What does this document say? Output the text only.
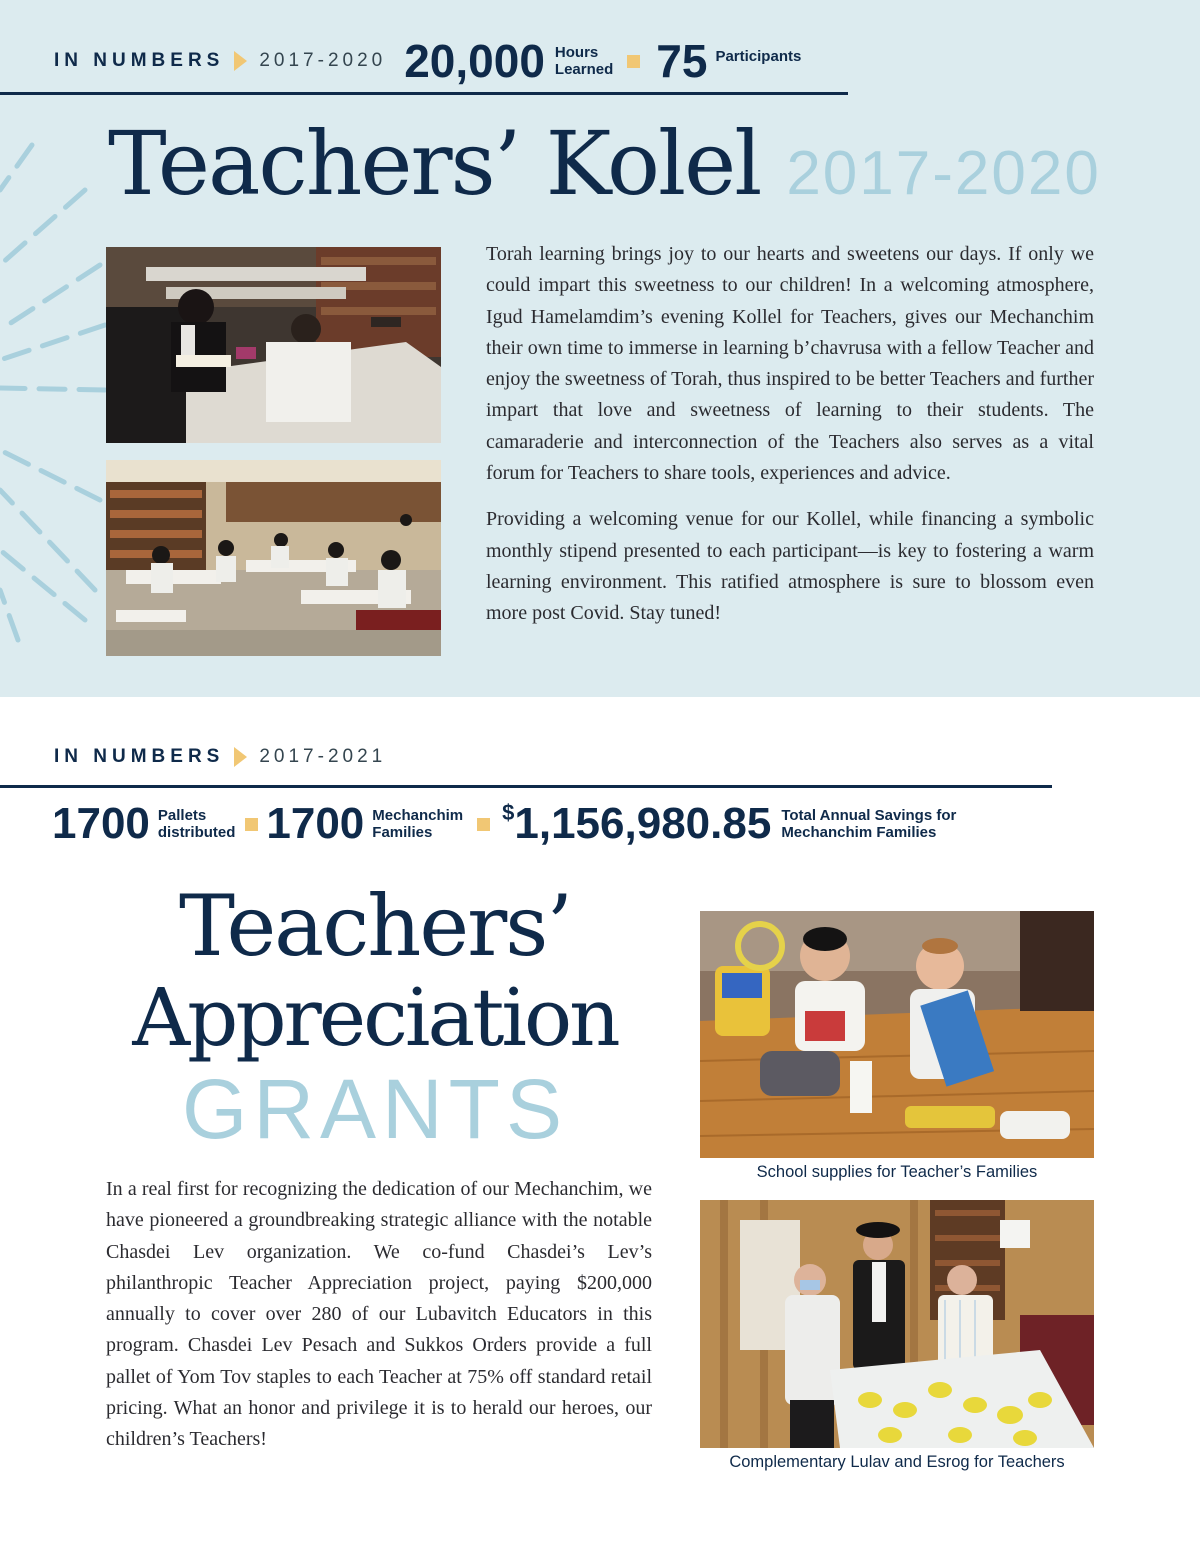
IN NUMBERS 2017-2020 20,000 Hours
Learned 75 Participants
Teachers’ Kolel 2017-2020

Torah learning brings joy to our hearts and sweetens our days. If only we could impart this sweetness to our children! In a welcoming atmosphere, Igud Hamelamdim’s evening Kollel for Teachers, gives our Mechanchim their own time to immerse in learning b’chavrusa with a fellow Teacher and enjoy the sweetness of Torah, thus inspired to be better Teachers and further impart that love and sweetness of learning to their students. The camaraderie and interconnection of the Teachers also serves as a vital forum for Teachers to share tools, experiences and advice.

Providing a welcoming venue for our Kollel, while financing a symbolic monthly stipend presented to each participant—is key to fostering a warm learning environment. This ratified atmosphere is sure to blossom even more post Covid. Stay tuned!

IN NUMBERS 2017-2021
1700 Pallets
distributed 1700 Mechanchim
Families
$ 1,156,980.85 Total Annual Savings for
Mechanchim Families
Teachers’
Appreciation
GRANTS

In a real first for recognizing the dedication of our Mechanchim, we have pioneered a groundbreaking strategic alliance with the notable Chasdei Lev organization. We co-fund Chasdei’s Lev’s philanthropic Teacher Appreciation project, paying $200,000 annually to cover over 280 of our Lubavitch Educators in this program. Chasdei Lev Pesach and Sukkos Orders provide a full pallet of Yom Tov staples to each Teacher at 75% off standard retail pricing. What an honor and privilege it is to herald our heroes, our children’s Teachers!

School supplies for Teacher’s Families
Complementary Lulav and Esrog for Teachers
